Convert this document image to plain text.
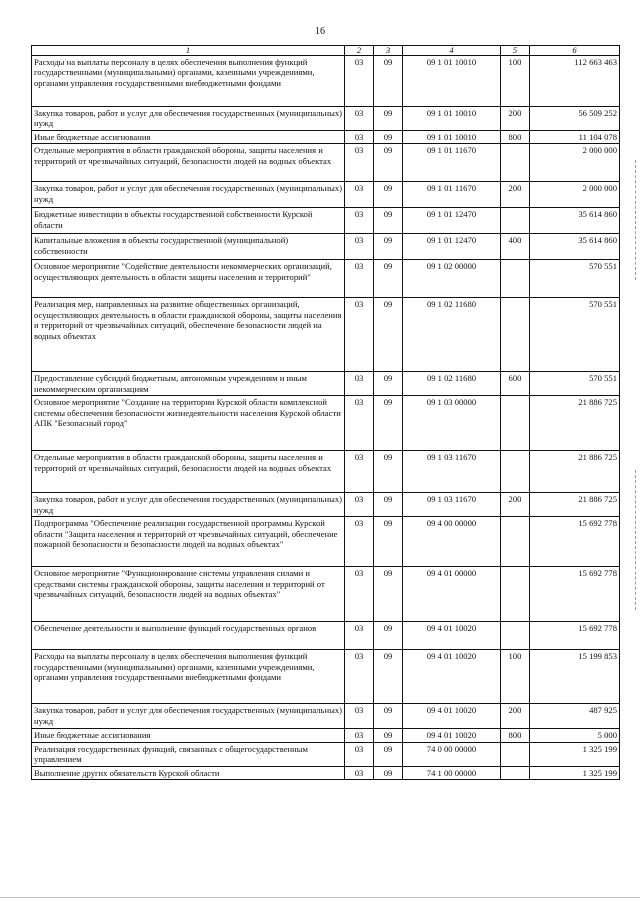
16
1	2	3	4	5	6
Расходы на выплаты персоналу в целях обеспечения выполнения функций государственными (муниципальными) органами, казенными учреждениями, органами управления государственными внебюджетными фондами	03	09	09 1 01 10010	100	112 663 463
Закупка товаров, работ и услуг для обеспечения государственных (муниципальных) нужд	03	09	09 1 01 10010	200	56 509 252
Иные бюджетные ассигнования	03	09	09 1 01 10010	800	11 104 078
Отдельные мероприятия в области гражданской обороны, защиты населения и территорий от чрезвычайных ситуаций, безопасности людей на водных объектах	03	09	09 1 01 11670		2 000 000
Закупка товаров, работ и услуг для обеспечения государственных (муниципальных) нужд	03	09	09 1 01 11670	200	2 000 000
Бюджетные инвестиции в объекты государственной собственности Курской области	03	09	09 1 01 12470		35 614 860
Капитальные вложения в объекты государственной (муниципальной) собственности	03	09	09 1 01 12470	400	35 614 860
Основное мероприятие "Содействие деятельности некоммерческих организаций, осуществляющих деятельность в области защиты населения и территорий"	03	09	09 1 02 00000		570 551
Реализация мер, направленных на развитие общественных организаций, осуществляющих деятельность в области гражданской обороны, защиты населения и территорий от чрезвычайных ситуаций, обеспечение безопасности людей на водных объектах	03	09	09 1 02 11680		570 551
Предоставление субсидий бюджетным, автономным учреждениям и иным некоммерческим организациям	03	09	09 1 02 11680	600	570 551
Основное мероприятие "Создание на территории Курской области комплексной системы обеспечения безопасности жизнедеятельности населения Курской области АПК "Безопасный город"	03	09	09 1 03 00000		21 886 725
Отдельные мероприятия в области гражданской обороны, защиты населения и территорий от чрезвычайных ситуаций, безопасности людей на водных объектах	03	09	09 1 03 11670		21 886 725
Закупка товаров, работ и услуг для обеспечения государственных (муниципальных) нужд	03	09	09 1 03 11670	200	21 886 725
Подпрограмма "Обеспечение реализации государственной программы Курской области "Защита населения и территорий от чрезвычайных ситуаций, обеспечение пожарной безопасности и безопасности людей на водных объектах"	03	09	09 4 00 00000		15 692 778
Основное мероприятие "Функционирование системы управления силами и средствами системы гражданской обороны, защиты населения и территорий от чрезвычайных ситуаций, безопасности людей на водных объектах"	03	09	09 4 01 00000		15 692 778
Обеспечение деятельности и выполнение функций государственных органов	03	09	09 4 01 10020		15 692 778
Расходы на выплаты персоналу в целях обеспечения выполнения функций государственными (муниципальными) органами, казенными учреждениями, органами управления государственными внебюджетными фондами	03	09	09 4 01 10020	100	15 199 853
Закупка товаров, работ и услуг для обеспечения государственных (муниципальных) нужд	03	09	09 4 01 10020	200	487 925
Иные бюджетные ассигнования	03	09	09 4 01 10020	800	5 000
Реализация государственных функций, связанных с общегосударственным управлением	03	09	74 0 00 00000		1 325 199
Выполнение других обязательств Курской области	03	09	74 1 00 00000		1 325 199
